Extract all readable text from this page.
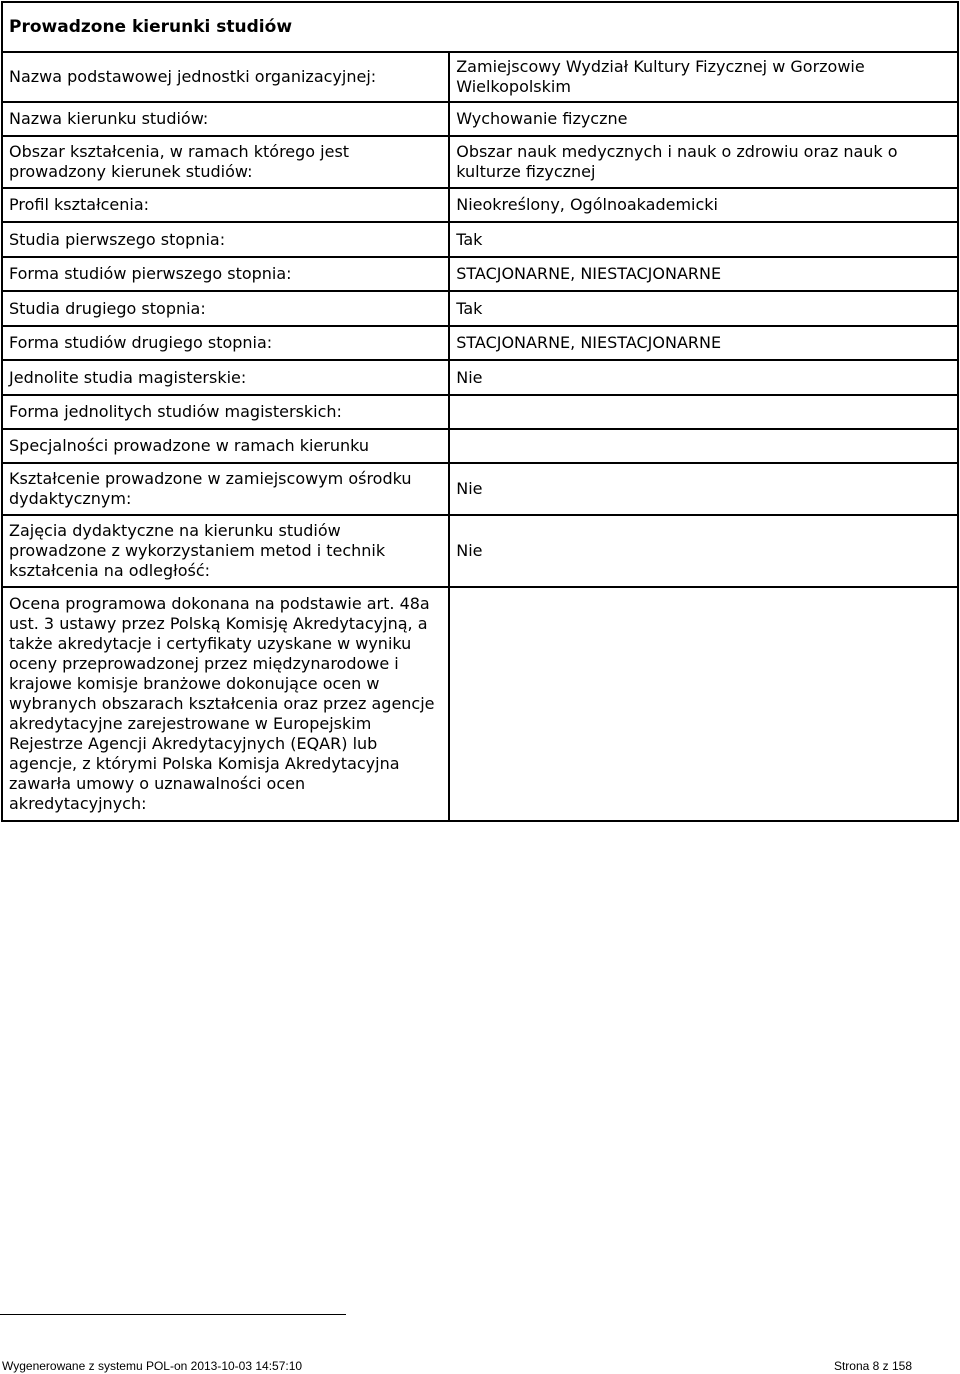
Prowadzone kierunki studiów	
Nazwa podstawowej jednostki organizacyjnej:	Zamiejscowy Wydział Kultury Fizycznej w Gorzowie Wielkopolskim
Nazwa kierunku studiów:	Wychowanie fizyczne
Obszar kształcenia, w ramach którego jest prowadzony kierunek studiów:	Obszar nauk medycznych i nauk o zdrowiu oraz nauk o kulturze fizycznej
Profil kształcenia:	Nieokreślony, Ogólnoakademicki
Studia pierwszego stopnia:	Tak
Forma studiów pierwszego stopnia:	STACJONARNE, NIESTACJONARNE
Studia drugiego stopnia:	Tak
Forma studiów drugiego stopnia:	STACJONARNE, NIESTACJONARNE
Jednolite studia magisterskie:	Nie
Forma jednolitych studiów magisterskich:	
Specjalności prowadzone w ramach kierunku	
Kształcenie prowadzone w zamiejscowym ośrodku dydaktycznym:	Nie
Zajęcia dydaktyczne na kierunku studiów prowadzone z wykorzystaniem metod i technik kształcenia na odległość:	Nie
Ocena programowa dokonana na podstawie art. 48a ust. 3 ustawy przez Polską Komisję Akredytacyjną, a także akredytacje i certyfikaty uzyskane w wyniku oceny przeprowadzonej przez międzynarodowe i krajowe komisje branżowe dokonujące ocen w wybranych obszarach kształcenia oraz przez agencje akredytacyjne zarejestrowane w Europejskim Rejestrze Agencji Akredytacyjnych (EQAR) lub agencje, z którymi Polska Komisja Akredytacyjna zawarła umowy o uznawalności ocen akredytacyjnych:	
Wygenerowane z systemu POL-on 2013-10-03 14:57:10	Strona 8 z 158
